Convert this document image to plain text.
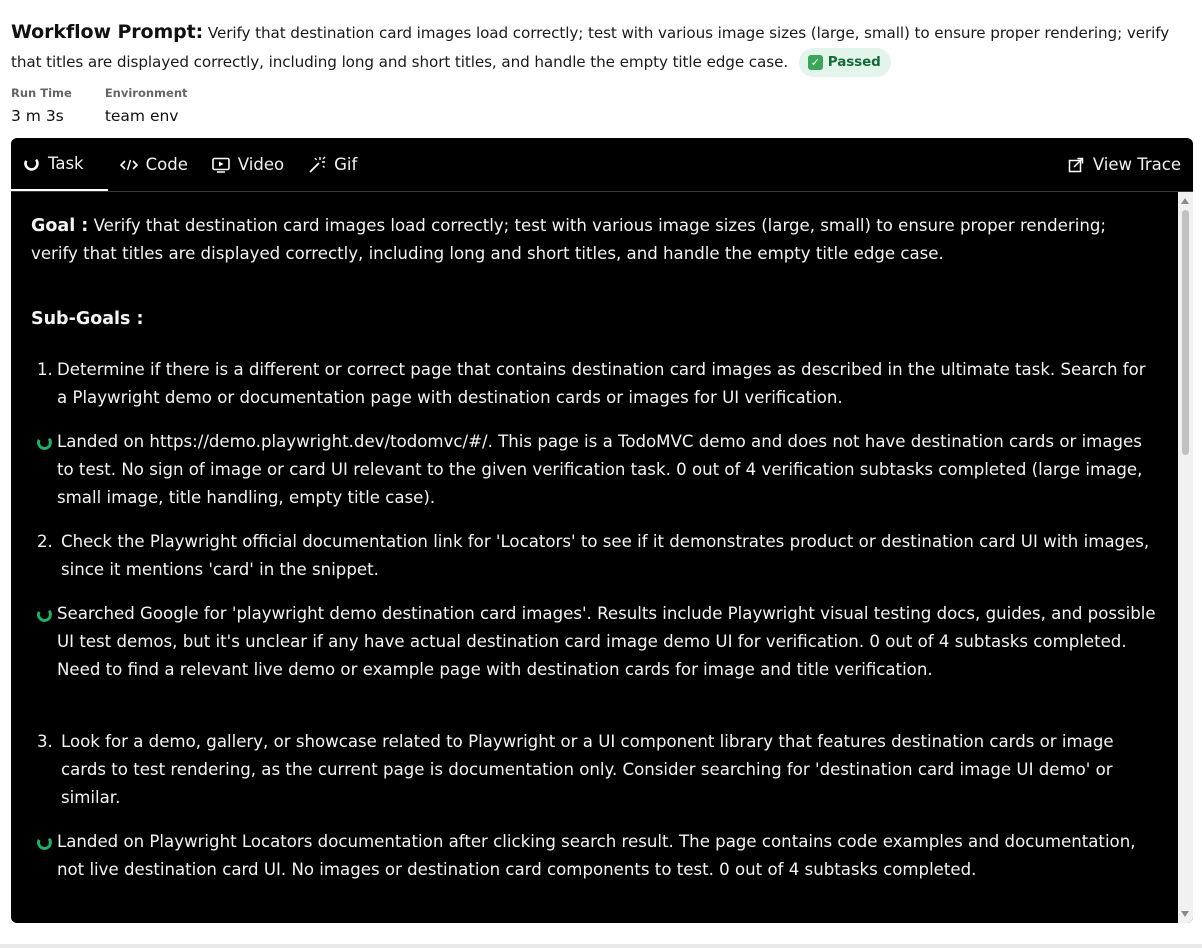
Workflow Prompt: Verify that destination card images load correctly; test with various image sizes (large, small) to ensure proper rendering; verify that titles are displayed correctly, including long and short titles, and handle the empty title edge case. ✓ Passed
Run Time
3 m 3s
Environment
team env
Task	Code	Video	Gif	View Trace
Goal : Verify that destination card images load correctly; test with various image sizes (large, small) to ensure proper rendering; verify that titles are displayed correctly, including long and short titles, and handle the empty title edge case.
Sub-Goals :
1. Determine if there is a different or correct page that contains destination card images as described in the ultimate task. Search for a Playwright demo or documentation page with destination cards or images for UI verification.
Landed on https://demo.playwright.dev/todomvc/#/. This page is a TodoMVC demo and does not have destination cards or images to test. No sign of image or card UI relevant to the given verification task. 0 out of 4 verification subtasks completed (large image, small image, title handling, empty title case).
2. Check the Playwright official documentation link for 'Locators' to see if it demonstrates product or destination card UI with images, since it mentions 'card' in the snippet.
Searched Google for 'playwright demo destination card images'. Results include Playwright visual testing docs, guides, and possible UI test demos, but it's unclear if any have actual destination card image demo UI for verification. 0 out of 4 subtasks completed. Need to find a relevant live demo or example page with destination cards for image and title verification.
3. Look for a demo, gallery, or showcase related to Playwright or a UI component library that features destination cards or image cards to test rendering, as the current page is documentation only. Consider searching for 'destination card image UI demo' or similar.
Landed on Playwright Locators documentation after clicking search result. The page contains code examples and documentation, not live destination card UI. No images or destination card components to test. 0 out of 4 subtasks completed.
